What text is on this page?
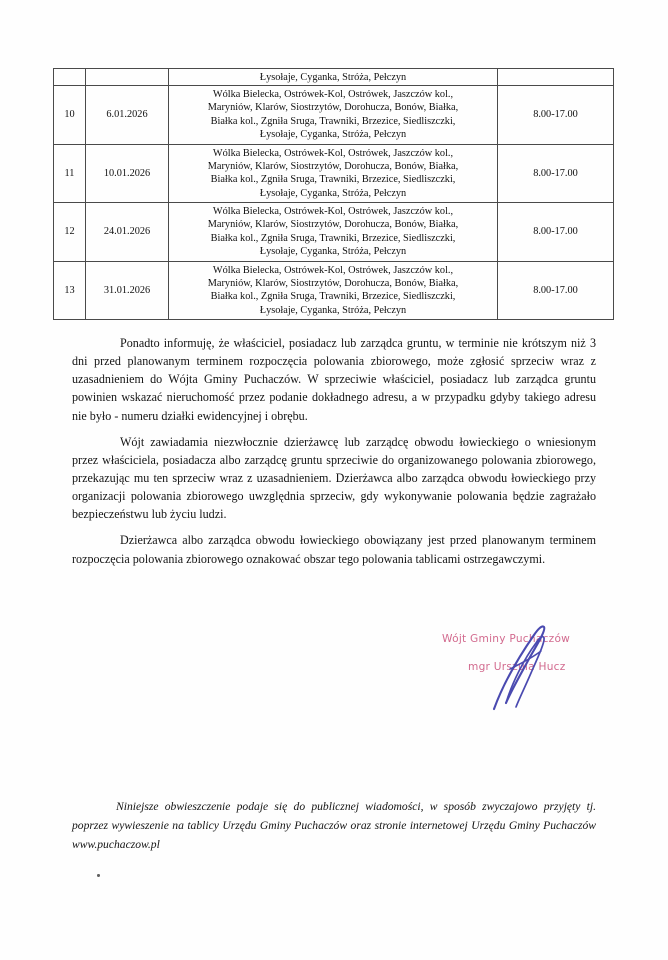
		Łysołaje, Cyganka, Stróża, Pełczyn	
10	6.01.2026	Wólka Bielecka, Ostrówek-Kol, Ostrówek, Jaszczów kol.,
Maryniów, Klarów, Siostrzytów, Dorohucza, Bonów, Białka,
Białka kol., Zgniła Sruga, Trawniki, Brzezice, Siedliszczki,
Łysołaje, Cyganka, Stróża, Pełczyn	8.00-17.00
11	10.01.2026	Wólka Bielecka, Ostrówek-Kol, Ostrówek, Jaszczów kol.,
Maryniów, Klarów, Siostrzytów, Dorohucza, Bonów, Białka,
Białka kol., Zgniła Sruga, Trawniki, Brzezice, Siedliszczki,
Łysołaje, Cyganka, Stróża, Pełczyn	8.00-17.00
12	24.01.2026	Wólka Bielecka, Ostrówek-Kol, Ostrówek, Jaszczów kol.,
Maryniów, Klarów, Siostrzytów, Dorohucza, Bonów, Białka,
Białka kol., Zgniła Sruga, Trawniki, Brzezice, Siedliszczki,
Łysołaje, Cyganka, Stróża, Pełczyn	8.00-17.00
13	31.01.2026	Wólka Bielecka, Ostrówek-Kol, Ostrówek, Jaszczów kol.,
Maryniów, Klarów, Siostrzytów, Dorohucza, Bonów, Białka,
Białka kol., Zgniła Sruga, Trawniki, Brzezice, Siedliszczki,
Łysołaje, Cyganka, Stróża, Pełczyn	8.00-17.00

Ponadto informuję, że właściciel, posiadacz lub zarządca gruntu, w terminie nie krótszym niż 3 dni przed planowanym terminem rozpoczęcia polowania zbiorowego, może zgłosić sprzeciw wraz z uzasadnieniem do Wójta Gminy Puchaczów. W sprzeciwie właściciel, posiadacz lub zarządca gruntu powinien wskazać nieruchomość przez podanie dokładnego adresu, a w przypadku gdyby takiego adresu nie było - numeru działki ewidencyjnej i obrębu.

Wójt zawiadamia niezwłocznie dzierżawcę lub zarządcę obwodu łowieckiego o wniesionym przez właściciela, posiadacza albo zarządcę gruntu sprzeciwie do organizowanego polowania zbiorowego, przekazując mu ten sprzeciw wraz z uzasadnieniem. Dzierżawca albo zarządca obwodu łowieckiego przy organizacji polowania zbiorowego uwzględnia sprzeciw, gdy wykonywanie polowania będzie zagrażało bezpieczeństwu lub życiu ludzi.

Dzierżawca albo zarządca obwodu łowieckiego obowiązany jest przed planowanym terminem rozpoczęcia polowania zbiorowego oznakować obszar tego polowania tablicami ostrzegawczymi.

Wójt Gminy Puchaczów
mgr Urszula Hucz

Niniejsze obwieszczenie podaje się do publicznej wiadomości, w sposób zwyczajowo przyjęty tj. poprzez wywieszenie na tablicy Urzędu Gminy Puchaczów oraz stronie internetowej Urzędu Gminy Puchaczów www.puchaczow.pl
